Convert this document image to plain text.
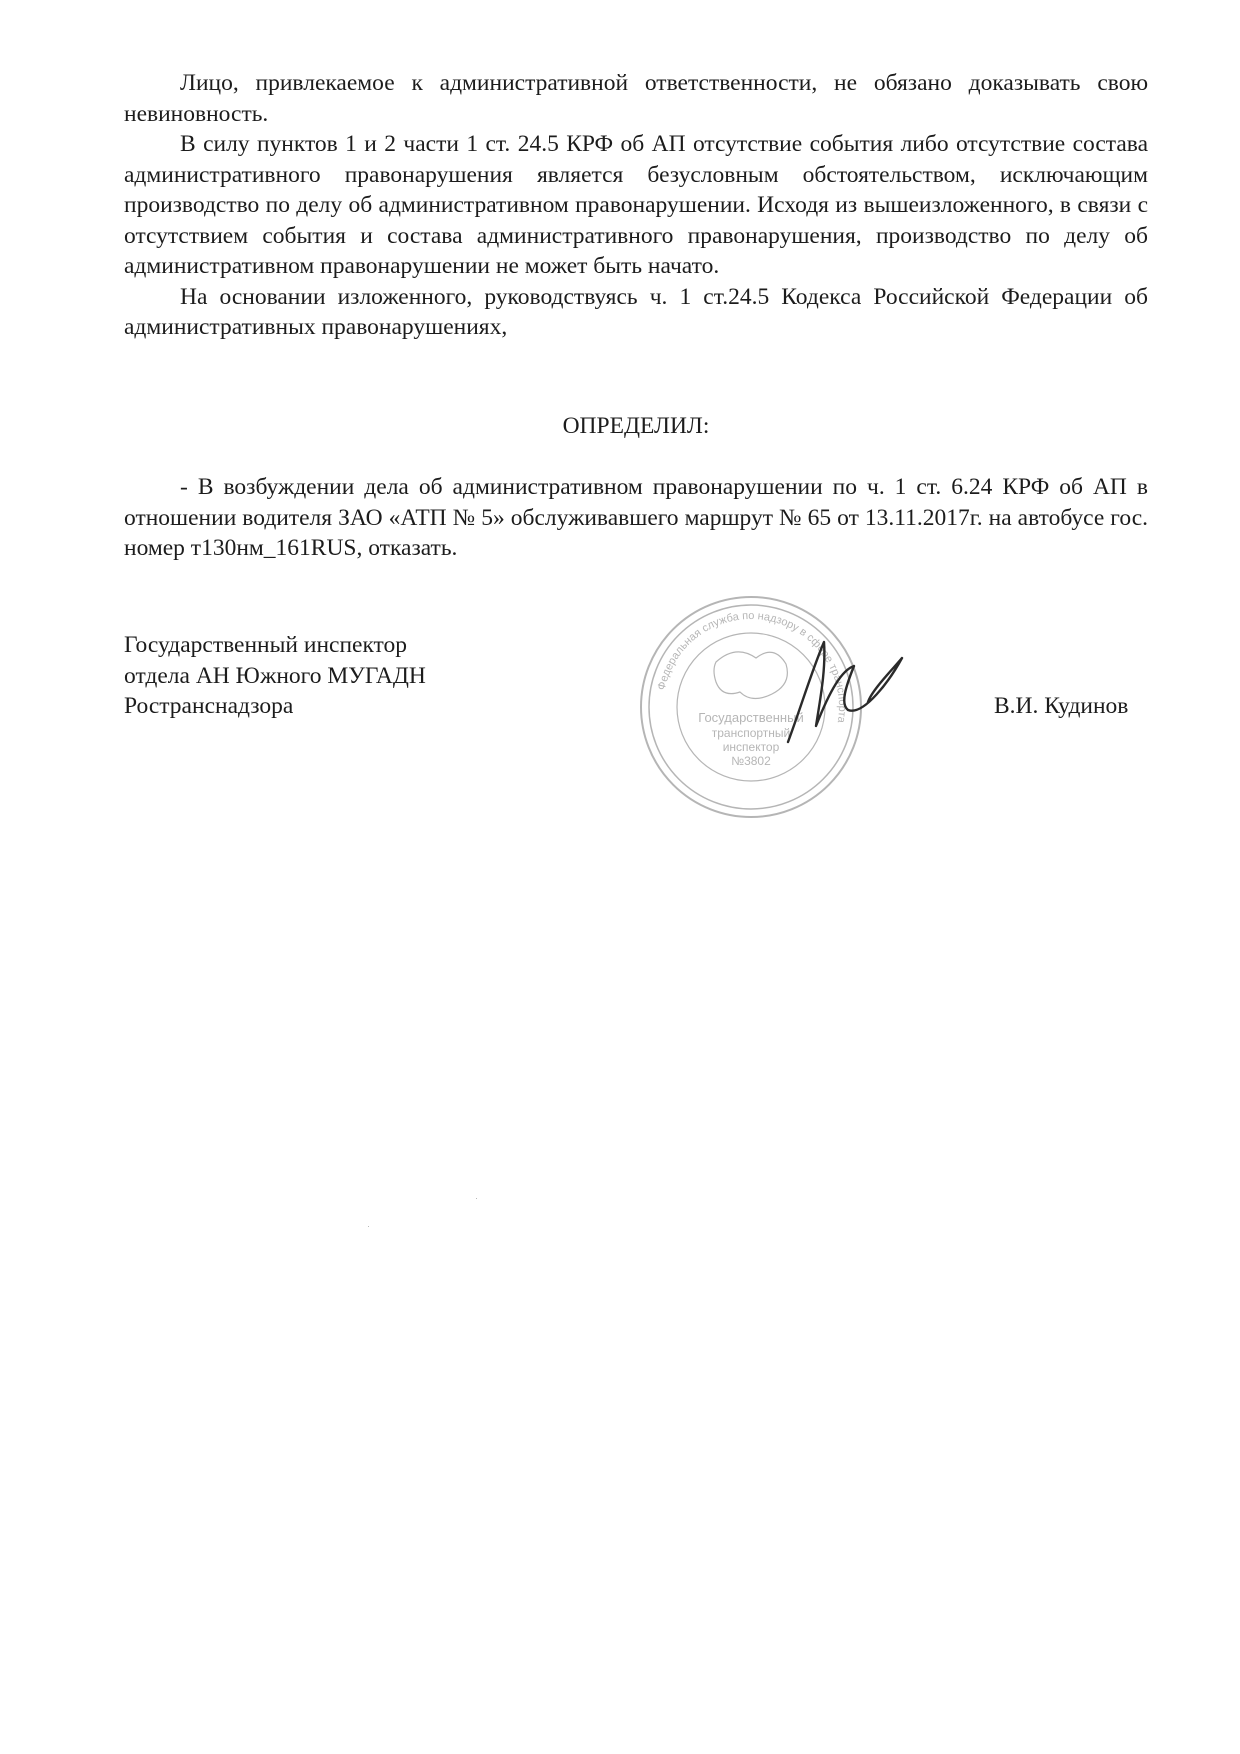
Лицо, привлекаемое к административной ответственности, не обязано доказывать свою невиновность.

В силу пунктов 1 и 2 части 1 ст. 24.5 КРФ об АП отсутствие события либо отсутствие состава административного правонарушения является безусловным обстоятельством, исключающим производство по делу об административном правонарушении. Исходя из вышеизложенного, в связи с отсутствием события и состава административного правонарушения, производство по делу об административном правонарушении не может быть начато.

На основании изложенного, руководствуясь ч. 1 ст.24.5 Кодекса Российской Федерации об административных правонарушениях,

ОПРЕДЕЛИЛ:

- В возбуждении дела об административном правонарушении по ч. 1 ст. 6.24 КРФ об АП в отношении водителя ЗАО «АТП № 5» обслуживавшего маршрут № 65 от 13.11.2017г. на автобусе гос. номер т130нм_161RUS, отказать.

Государственный инспектор
отдела АН Южного МУГАДН
Ространснадзора
Федеральная служба по надзору в сфере транспорта
Государственный
транспортный
инспектор
№3802
В.И. Кудинов
